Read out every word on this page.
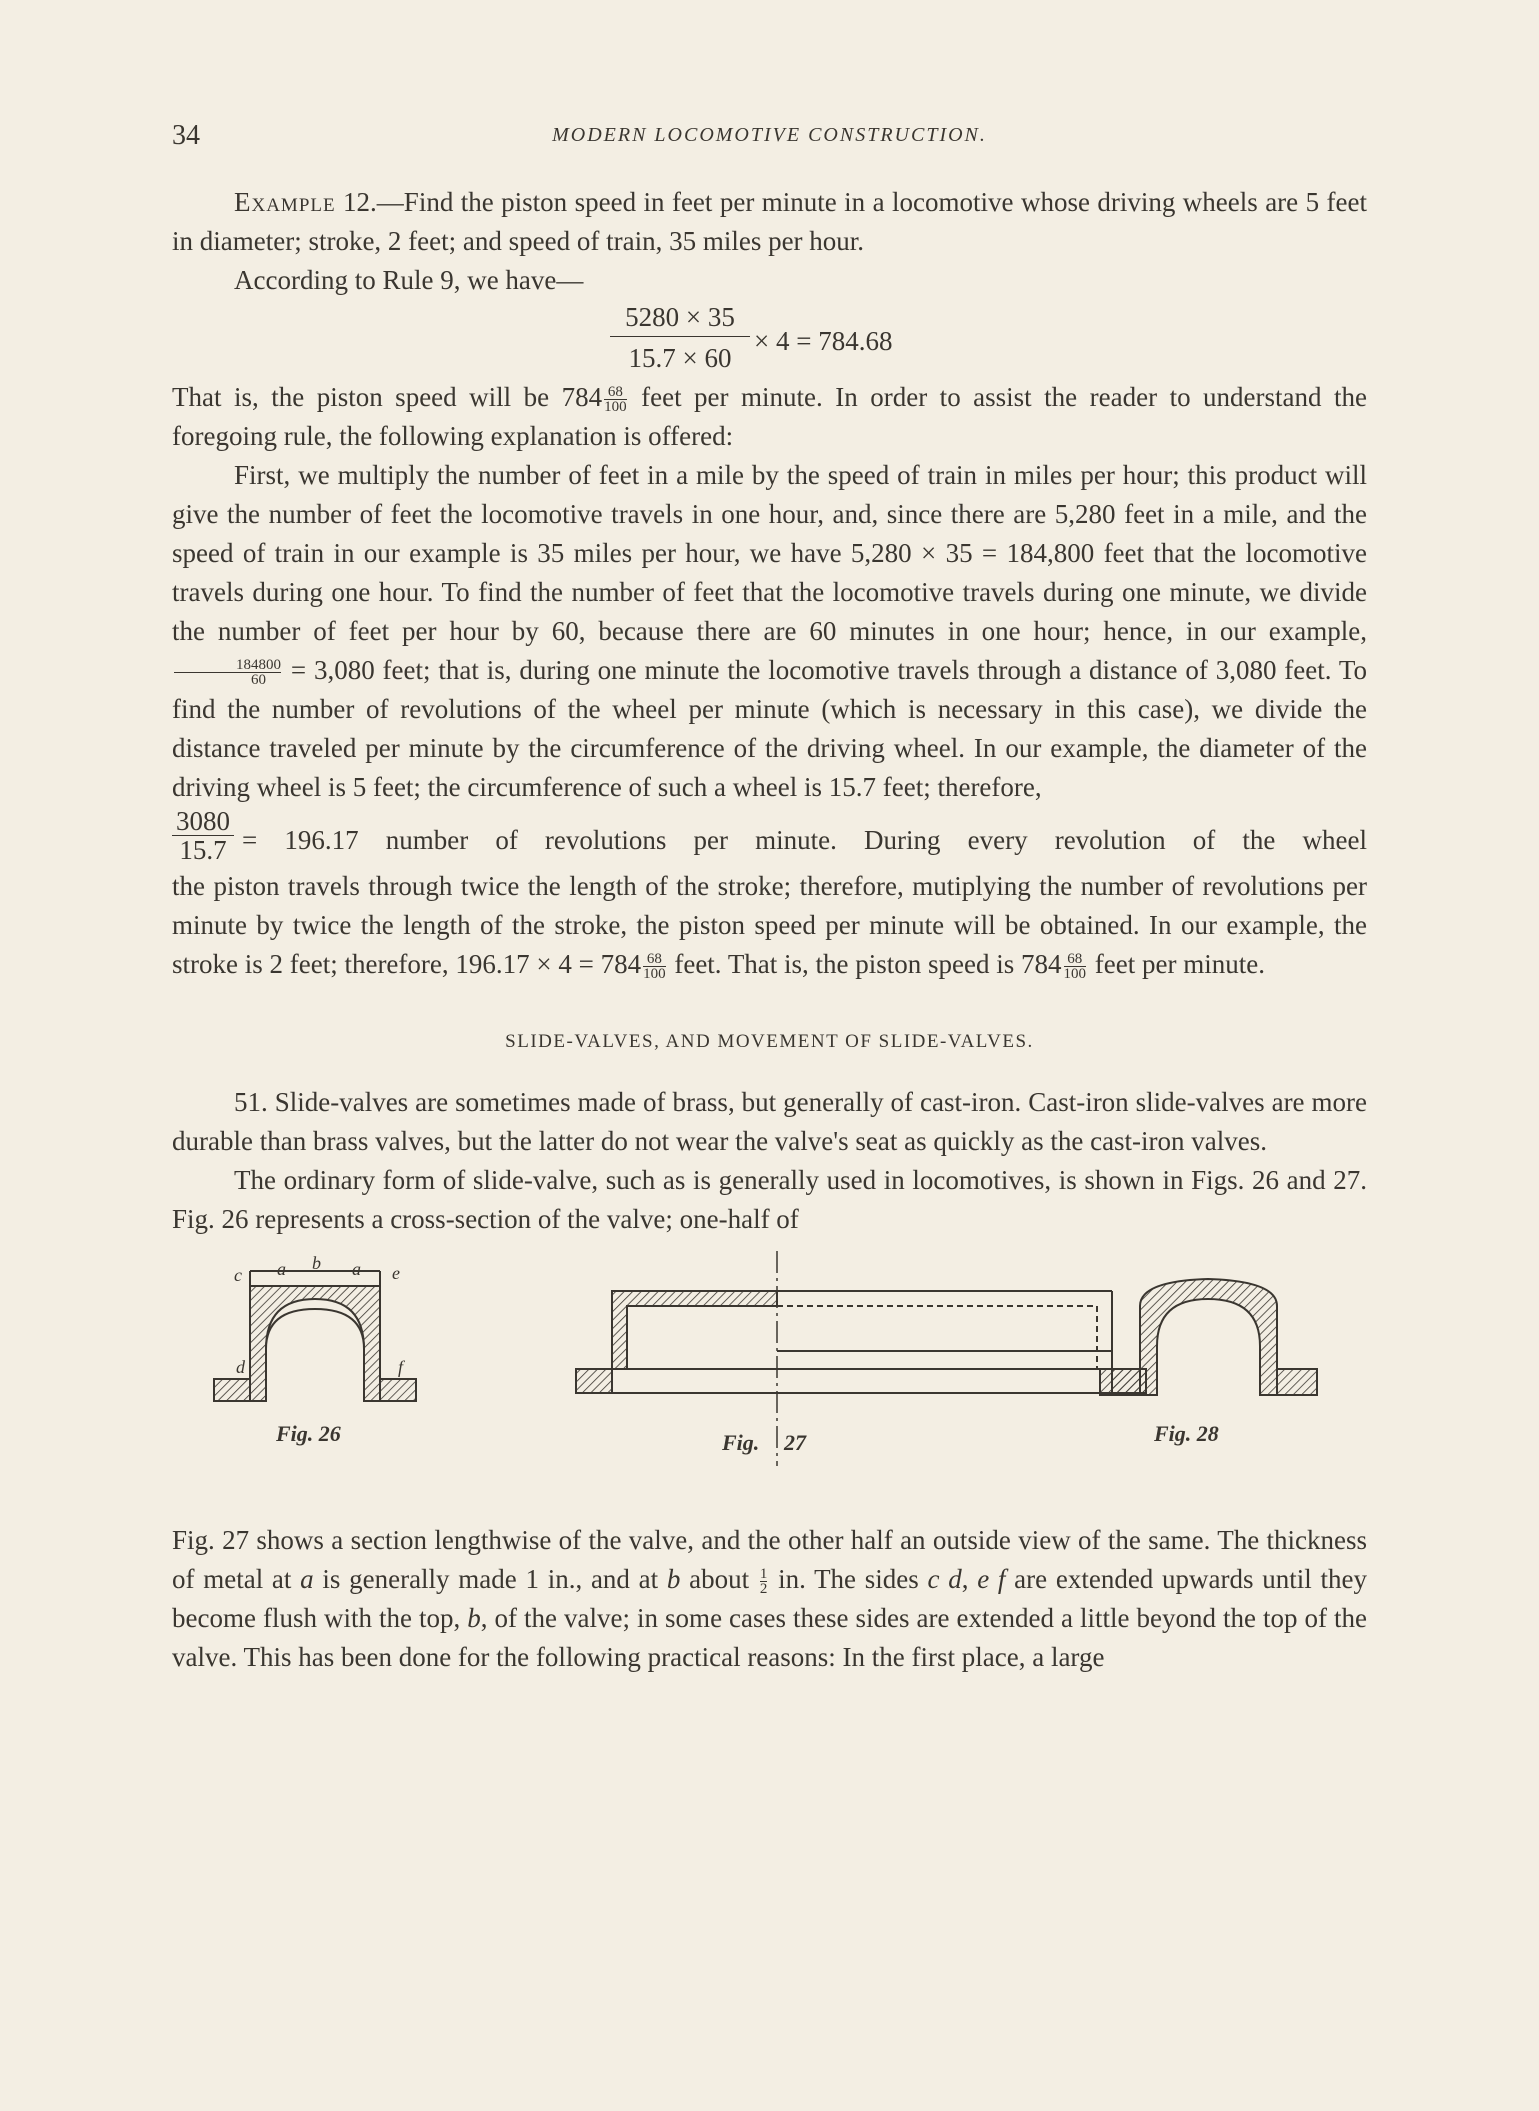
34	MODERN LOCOMOTIVE CONSTRUCTION.

Example 12.—Find the piston speed in feet per minute in a locomotive whose driving wheels are 5 feet in diameter; stroke, 2 feet; and speed of train, 35 miles per hour.

According to Rule 9, we have—

$\frac{5280 \times 35}{15.7 \times 60} \times 4 = 784.68$

That is, the piston speed will be $784 \frac{68}{100}$ feet per minute. In order to assist the reader to understand the foregoing rule, the following explanation is offered:

First, we multiply the number of feet in a mile by the speed of train in miles per hour; this product will give the number of feet the locomotive travels in one hour, and, since there are 5,280 feet in a mile, and the speed of train in our example is 35 miles per hour, we have 5,280 × 35 = 184,800 feet that the locomotive travels during one hour. To find the number of feet that the locomotive travels during one minute, we divide the number of feet per hour by 60, because there are 60 minutes in one hour; hence, in our example,
$\frac{184800}{60} = 3,080$ feet; that is, during one minute the locomotive travels through a distance of 3,080 feet. To find the number of revolutions of the wheel per minute (which is necessary in this case), we divide the distance traveled per minute by the circumference of the driving wheel. In our example, the diameter of the driving wheel is 5 feet; the circumference of such a wheel is 15.7 feet; therefore,

$\frac{3080}{15.7} = 196.17$ number of revolutions per minute. During every revolution of the wheel

the piston travels through twice the length of the stroke; therefore, mutiplying the number of revolutions per minute by twice the length of the stroke, the piston speed per minute will be obtained. In our example, the stroke is 2 feet; therefore, $196.17 \times 4 = 784 \frac{68}{100}$ feet. That is, the piston speed is $784 \frac{68}{100}$ feet per minute.

SLIDE-VALVES, AND MOVEMENT OF SLIDE-VALVES.

51. Slide-valves are sometimes made of brass, but generally of cast-iron. Cast-iron slide-valves are more durable than brass valves, but the latter do not wear the valve's seat as quickly as the cast-iron valves.

The ordinary form of slide-valve, such as is generally used in locomotives, is shown in Figs. 26 and 27. Fig. 26 represents a cross-section of the valve; one-half of

c a b a e
d	f
Fig. 26	Fig. 27	Fig. 28

Fig. 27 shows a section lengthwise of the valve, and the other half an outside view of the same. The thickness of metal at a is generally made 1 in., and at b about $\frac{1}{2}$ in. The sides c d, e f are extended upwards until they become flush with the top, b, of the valve; in some cases these sides are extended a little beyond the top of the valve. This has been done for the following practical reasons: In the first place, a large
